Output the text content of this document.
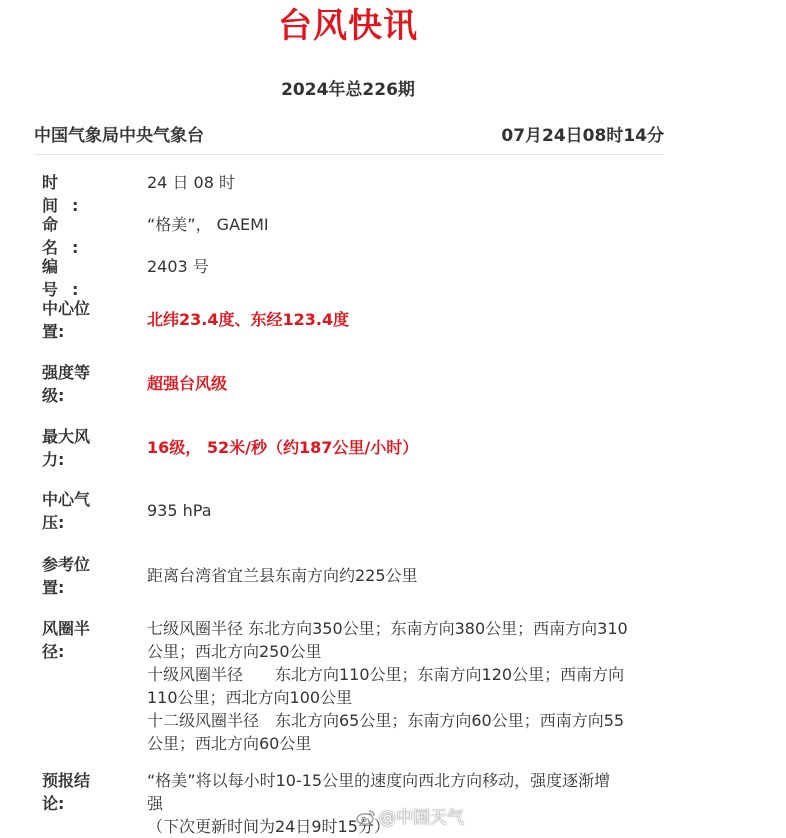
台风快讯
2024年总226期
中国气象局中央气象台	07月24日08时14分
时 间:
24 日 08 时
命 名:
“格美”， GAEMI
编 号:
2403 号
中心位
置:
北纬23.4度、东经123.4度
强度等
级:
超强台风级
最大风
力:
16级， 52米/秒（约187公里/小时）
中心气
压:
935 hPa
参考位
置:
距离台湾省宜兰县东南方向约225公里
风圈半
径:
七级风圈半径 东北方向350公里；东南方向380公里；西南方向310
公里；西北方向250公里
十级风圈半径　　东北方向110公里；东南方向120公里；西南方向
110公里；西北方向100公里
十二级风圈半径　东北方向65公里；东南方向60公里；西南方向55
公里；西北方向60公里
预报结
论:
“格美”将以每小时10-15公里的速度向西北方向移动，强度逐渐增
强
（下次更新时间为24日9时15分）
@中国天气
